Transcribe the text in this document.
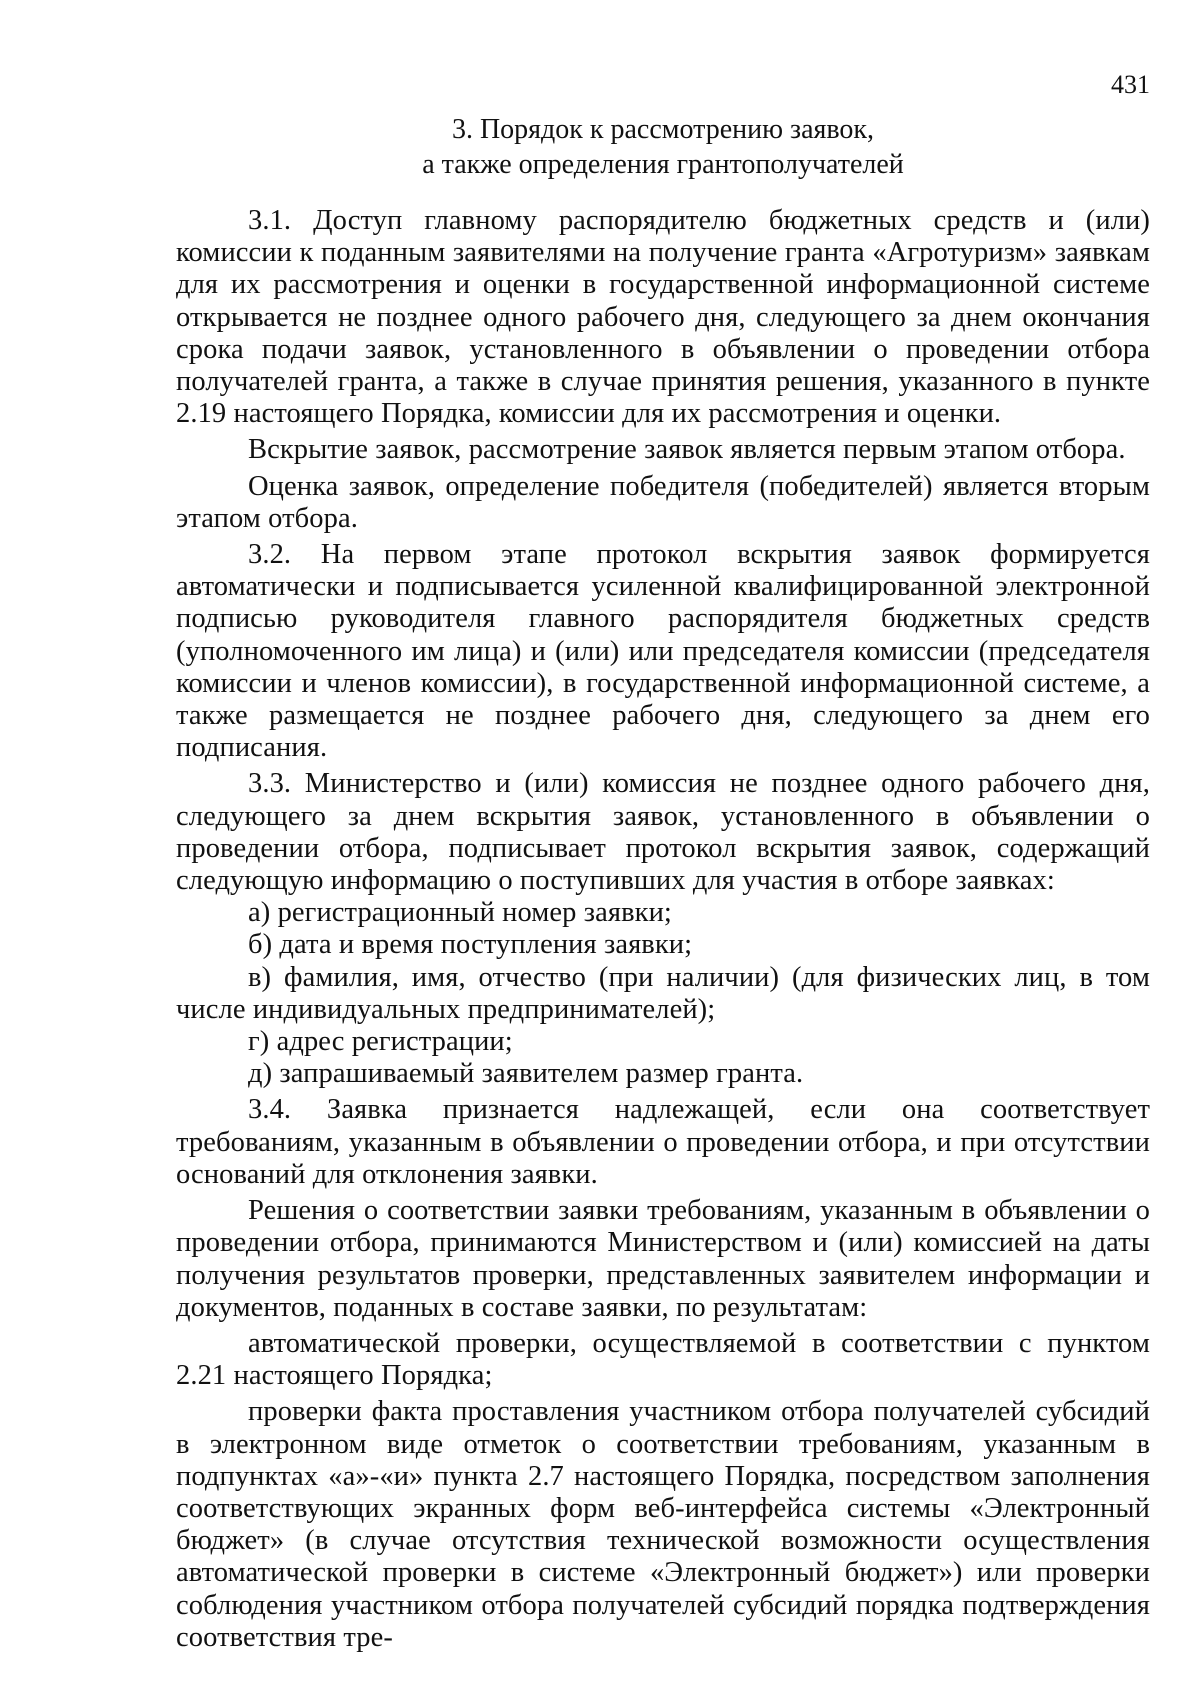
431
3. Порядок к рассмотрению заявок,
а также определения грантополучателей

3.1. Доступ главному распорядителю бюджетных средств и (или) комиссии к поданным заявителями на получение гранта «Агротуризм» заявкам для их рассмотрения и оценки в государственной информационной системе открывается не позднее одного рабочего дня, следующего за днем окончания срока подачи заявок, установленного в объявлении о проведении отбора получателей гранта, а также в случае принятия решения, указанного в пункте 2.19 настоящего Порядка, комиссии для их рассмотрения и оценки.

Вскрытие заявок, рассмотрение заявок является первым этапом отбора.

Оценка заявок, определение победителя (победителей) является вторым этапом отбора.

3.2. На первом этапе протокол вскрытия заявок формируется автоматически и подписывается усиленной квалифицированной электронной подписью руководителя главного распорядителя бюджетных средств (уполномоченного им лица) и (или) или председателя комиссии (председателя комиссии и членов комиссии), в государственной информационной системе, а также размещается не позднее рабочего дня, следующего за днем его подписания.

3.3. Министерство и (или) комиссия не позднее одного рабочего дня, следующего за днем вскрытия заявок, установленного в объявлении о проведении отбора, подписывает протокол вскрытия заявок, содержащий следующую информацию о поступивших для участия в отборе заявках:

а) регистрационный номер заявки;

б) дата и время поступления заявки;

в) фамилия, имя, отчество (при наличии) (для физических лиц, в том числе индивидуальных предпринимателей);

г) адрес регистрации;

д) запрашиваемый заявителем размер гранта.

3.4. Заявка признается надлежащей, если она соответствует требованиям, указанным в объявлении о проведении отбора, и при отсутствии оснований для отклонения заявки.

Решения о соответствии заявки требованиям, указанным в объявлении о проведении отбора, принимаются Министерством и (или) комиссией на даты получения результатов проверки, представленных заявителем информации и документов, поданных в составе заявки, по результатам:

автоматической проверки, осуществляемой в соответствии с пунктом 2.21 настоящего Порядка;

проверки факта проставления участником отбора получателей субсидий в электронном виде отметок о соответствии требованиям, указанным в подпунктах «а»-«и» пункта 2.7 настоящего Порядка, посредством заполнения соответствующих экранных форм веб-интерфейса системы «Электронный бюджет» (в случае отсутствия технической возможности осуществления автоматической проверки в системе «Электронный бюджет») или проверки соблюдения участником отбора получателей субсидий порядка подтверждения соответствия тре-
